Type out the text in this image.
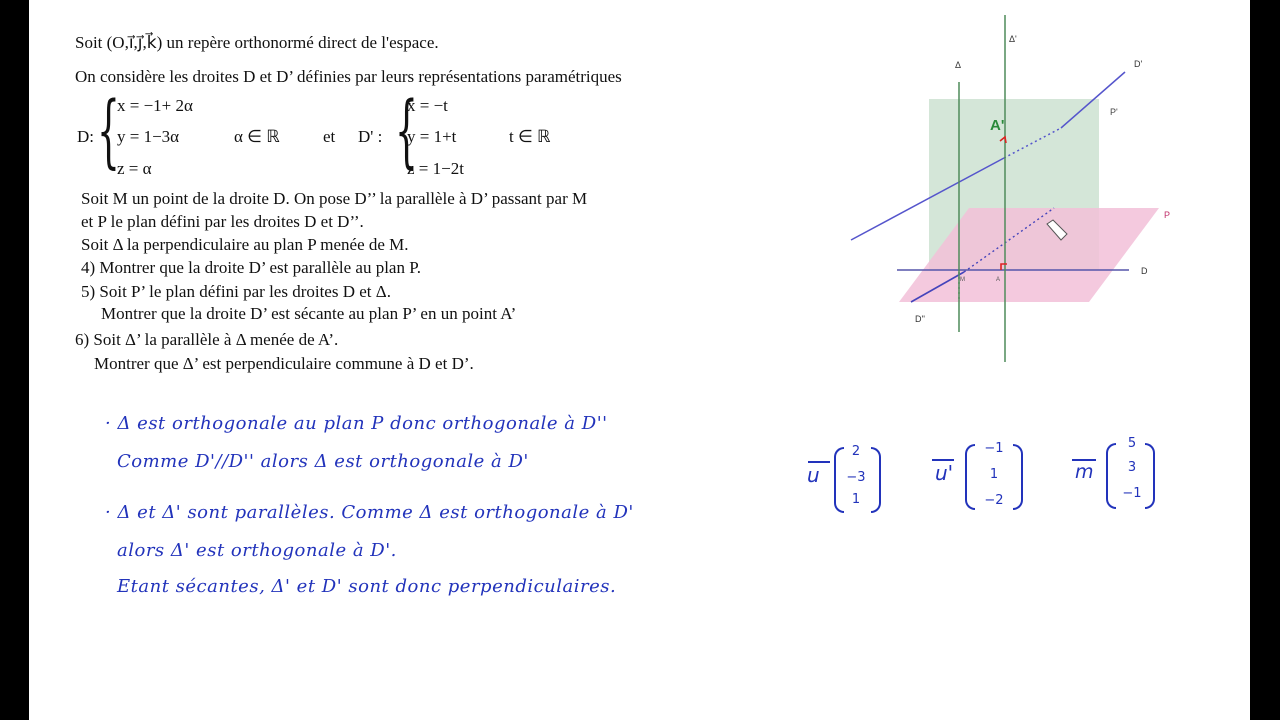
Soit (O,i⃗,j⃗,k⃗) un repère orthonormé direct de l'espace.
On considère les droites D et D’ définies par leurs représentations paramétriques
D: {
x = −1+ 2α
y = 1−3α
z = α
α ∈ ℝ	et D' : {
x = −t
y = 1+t
z = 1−2t
t ∈ ℝ
Soit M un point de la droite D. On pose D’’ la parallèle à D’ passant par M
et P le plan défini par les droites D et D’’.
Soit Δ la perpendiculaire au plan P menée de M.
4) Montrer que la droite D’ est parallèle au plan P.
5) Soit P’ le plan défini par les droites D et Δ.
Montrer que la droite D’ est sécante au plan P’ en un point A’
6) Soit Δ’ la parallèle à Δ menée de A’.
Montrer que Δ’ est perpendiculaire commune à D et D’.
Δ'
Δ	D'
A'
P'
P
D
D''
M	A
· Δ est orthogonale au plan P donc orthogonale à D''
Comme D'//D'' alors Δ est orthogonale à D'
· Δ et Δ' sont parallèles. Comme Δ est orthogonale à D'
alors Δ' est orthogonale à D'.
Etant sécantes, Δ' et D' sont donc perpendiculaires.
u
2
−3
1
u'
−1
1
−2
m
5
3
−1
